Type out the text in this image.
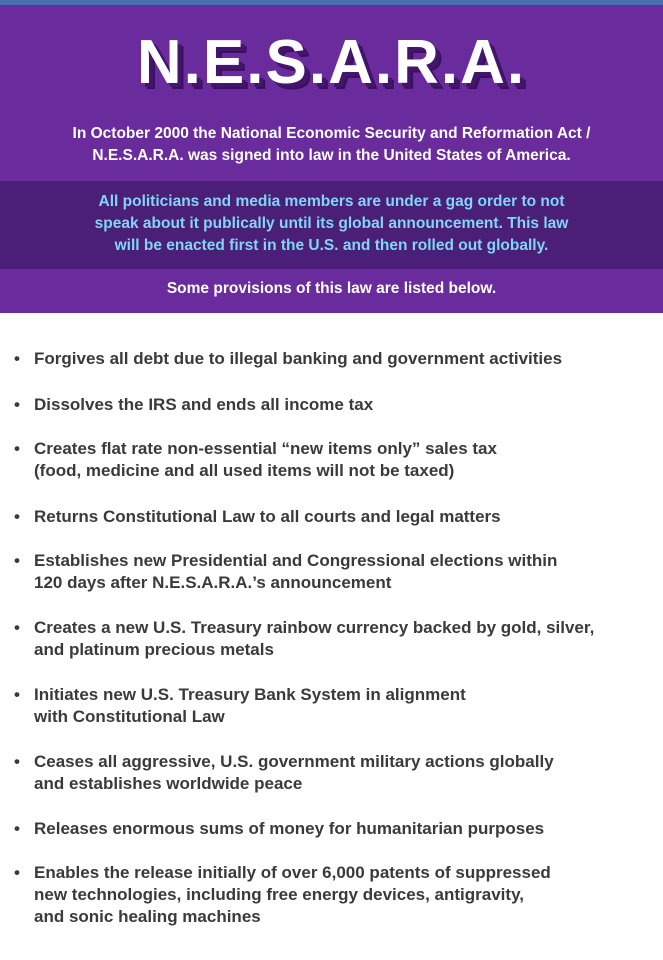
N.E.S.A.R.A.
In October 2000 the National Economic Security and Reformation Act /
N.E.S.A.R.A. was signed into law in the United States of America.
All politicians and media members are under a gag order to not
speak about it publically until its global announcement. This law
will be enacted first in the U.S. and then rolled out globally.
Some provisions of this law are listed below.
• Forgives all debt due to illegal banking and government activities
• Dissolves the IRS and ends all income tax
• Creates flat rate non-essential “new items only” sales tax
(food, medicine and all used items will not be taxed)
• Returns Constitutional Law to all courts and legal matters
• Establishes new Presidential and Congressional elections within
120 days after N.E.S.A.R.A.’s announcement
• Creates a new U.S. Treasury rainbow currency backed by gold, silver,
and platinum precious metals
• Initiates new U.S. Treasury Bank System in alignment
with Constitutional Law
• Ceases all aggressive, U.S. government military actions globally
and establishes worldwide peace
• Releases enormous sums of money for humanitarian purposes
• Enables the release initially of over 6,000 patents of suppressed
new technologies, including free energy devices, antigravity,
and sonic healing machines
